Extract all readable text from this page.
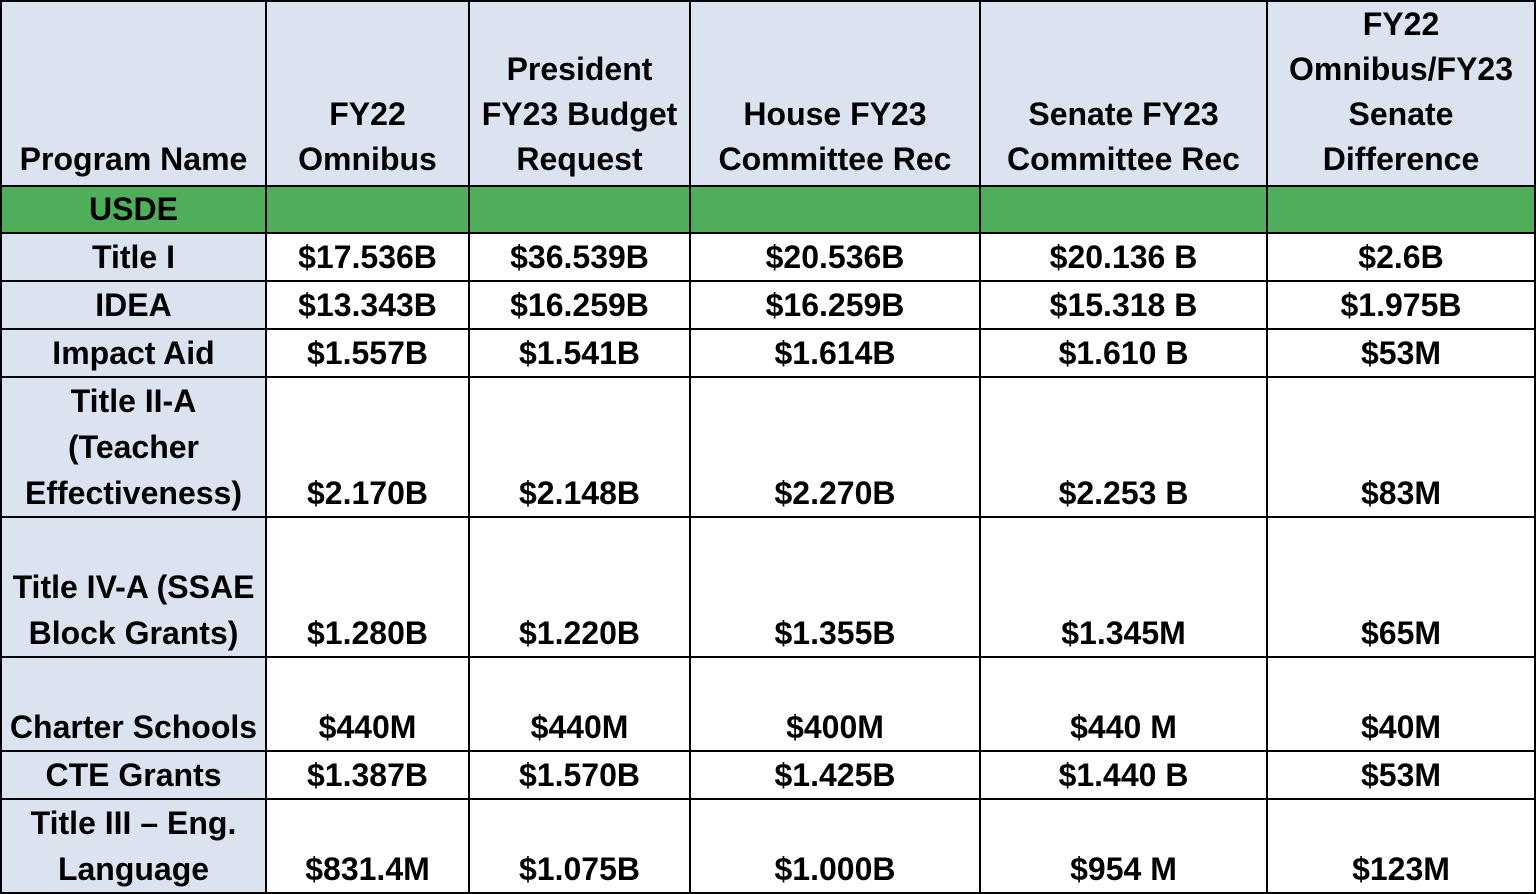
Program Name	FY22 Omnibus	President FY23 Budget Request	House FY23 Committee Rec	Senate FY23 Committee Rec	FY22 Omnibus/FY23 Senate Difference
USDE					
Title I	$17.536B	$36.539B	$20.536B	$20.136 B	$2.6B
IDEA	$13.343B	$16.259B	$16.259B	$15.318 B	$1.975B
Impact Aid	$1.557B	$1.541B	$1.614B	$1.610 B	$53M
Title II-A (Teacher Effectiveness)	$2.170B	$2.148B	$2.270B	$2.253 B	$83M
Title IV-A (SSAE Block Grants)	$1.280B	$1.220B	$1.355B	$1.345M	$65M
Charter Schools	$440M	$440M	$400M	$440 M	$40M
CTE Grants	$1.387B	$1.570B	$1.425B	$1.440 B	$53M
Title III – Eng. Language	$831.4M	$1.075B	$1.000B	$954 M	$123M
